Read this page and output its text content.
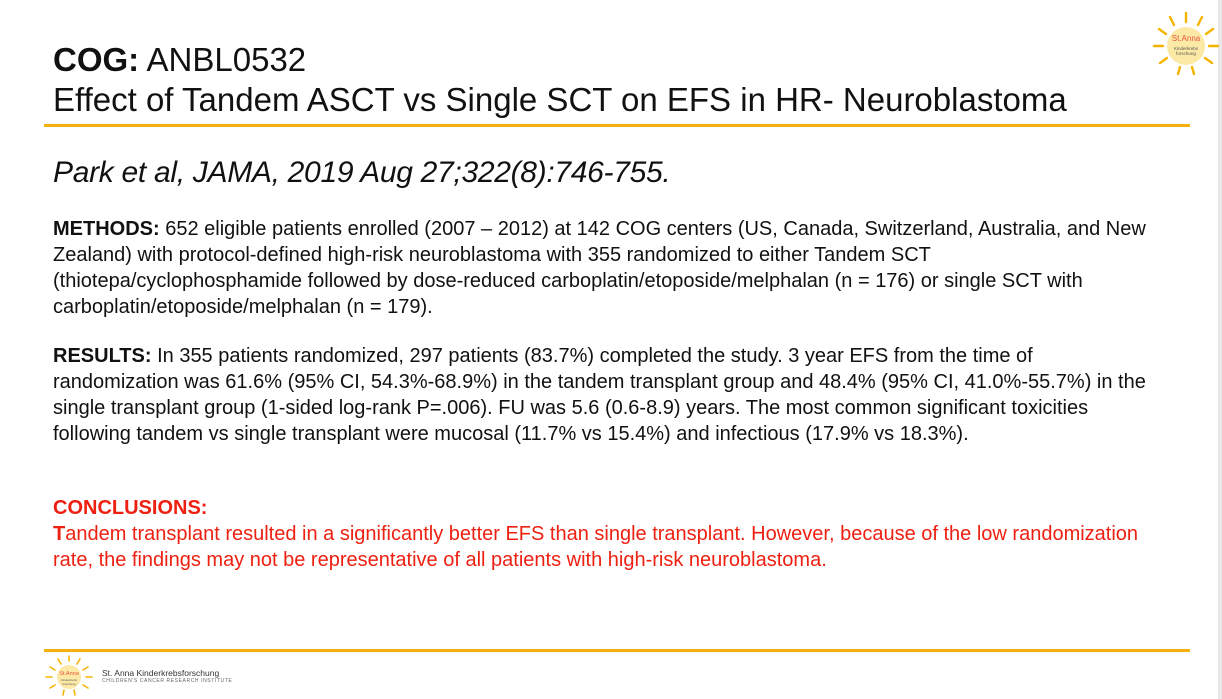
COG: ANBL0532
Effect of Tandem ASCT vs Single SCT on EFS in HR- Neuroblastoma
Park et al, JAMA, 2019 Aug 27;322(8):746-755.
METHODS: 652 eligible patients enrolled (2007 – 2012) at 142 COG centers (US, Canada, Switzerland, Australia, and New Zealand) with protocol-defined high-risk neuroblastoma with 355 randomized to either Tandem SCT (thiotepa/cyclophosphamide followed by dose-reduced carboplatin/etoposide/melphalan (n = 176) or single SCT with carboplatin/etoposide/melphalan (n = 179).
RESULTS: In 355 patients randomized, 297 patients (83.7%) completed the study. 3 year EFS from the time of randomization was 61.6% (95% CI, 54.3%-68.9%) in the tandem transplant group and 48.4% (95% CI, 41.0%-55.7%) in the single transplant group (1-sided log-rank P=.006). FU was 5.6 (0.6-8.9) years. The most common significant toxicities following tandem vs single transplant were mucosal (11.7% vs 15.4%) and infectious (17.9% vs 18.3%).
CONCLUSIONS:
Tandem transplant resulted in a significantly better EFS than single transplant. However, because of the low randomization rate, the findings may not be representative of all patients with high-risk neuroblastoma.
St.Anna
Kinderkrebs
forschung
St.Anna
Kinderkrebs
forschung
St. Anna Kinderkrebsforschung
CHILDREN'S CANCER RESEARCH INSTITUTE
